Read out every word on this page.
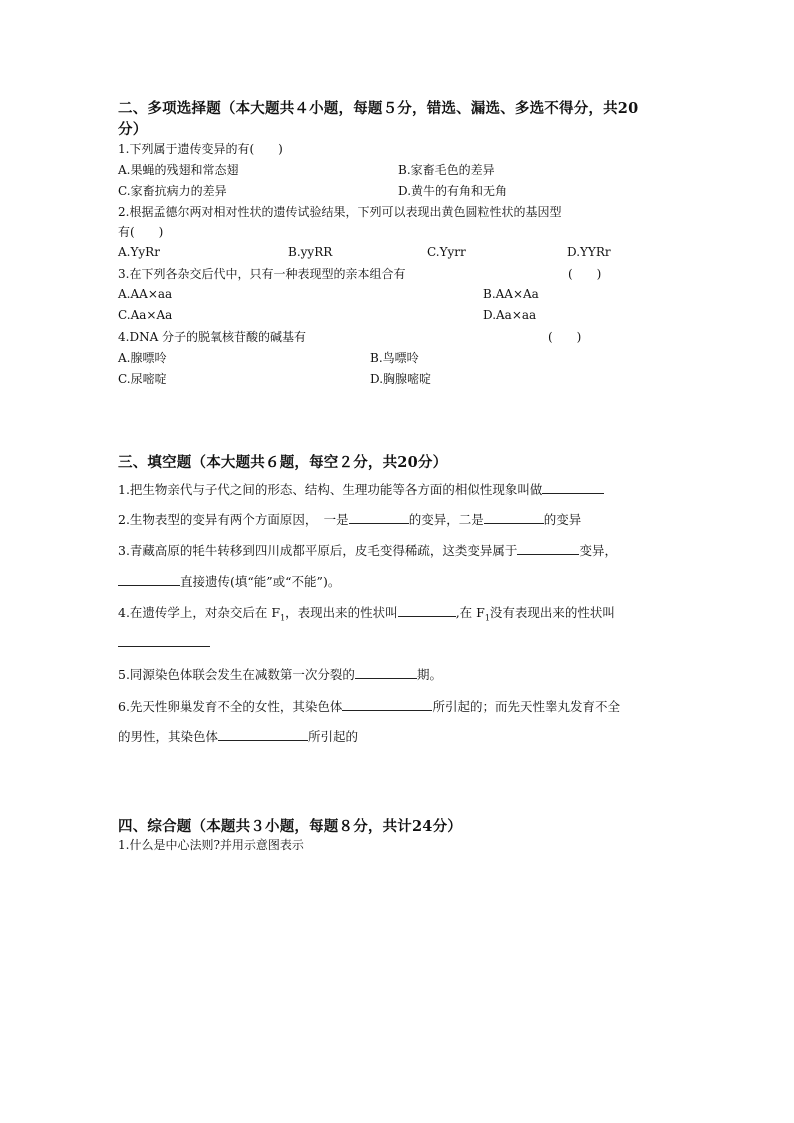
二、多项选择题（本大题共４小题，每题５分，错选、漏选、多选不得分，共20
分）
1.下列属于遗传变异的有(　　)
A.果蝇的残翅和常态翅	B.家畜毛色的差异
C.家畜抗病力的差异	D.黄牛的有角和无角
2.根据孟德尔两对相对性状的遗传试验结果，下列可以表现出黄色圆粒性状的基因型
有(　　)
A.YyRr	B.yyRR	C.Yyrr	D.YYRr
3.在下列各杂交后代中，只有一种表现型的亲本组合有	(　　)
A.AA×aa	B.AA×Aa
C.Aa×Aa	D.Aa×aa
4.DNA 分子的脱氧核苷酸的碱基有	(　　)
A.腺嘌呤	B.鸟嘌呤
C.尿嘧啶	D.胸腺嘧啶
三、填空题（本大题共６题，每空２分，共20分）
1.把生物亲代与子代之间的形态、结构、生理功能等各方面的相似性现象叫做
2.生物表型的变异有两个方面原因，　一是	的变异，二是	的变异
3.青藏高原的牦牛转移到四川成都平原后，皮毛变得稀疏，这类变异属于	变异，
直接遗传(填“能”或“不能”)。
4.在遗传学上，对杂交后在 $F_1$，表现出来的性状叫	,在 $F_1$没有表现出来的性状叫
5.同源染色体联会发生在减数第一次分裂的	期。
6.先天性卵巢发育不全的女性，其染色体	所引起的；而先天性睾丸发育不全
的男性，其染色体	所引起的
四、综合题（本题共３小题，每题８分，共计24分）
1.什么是中心法则?并用示意图表示
